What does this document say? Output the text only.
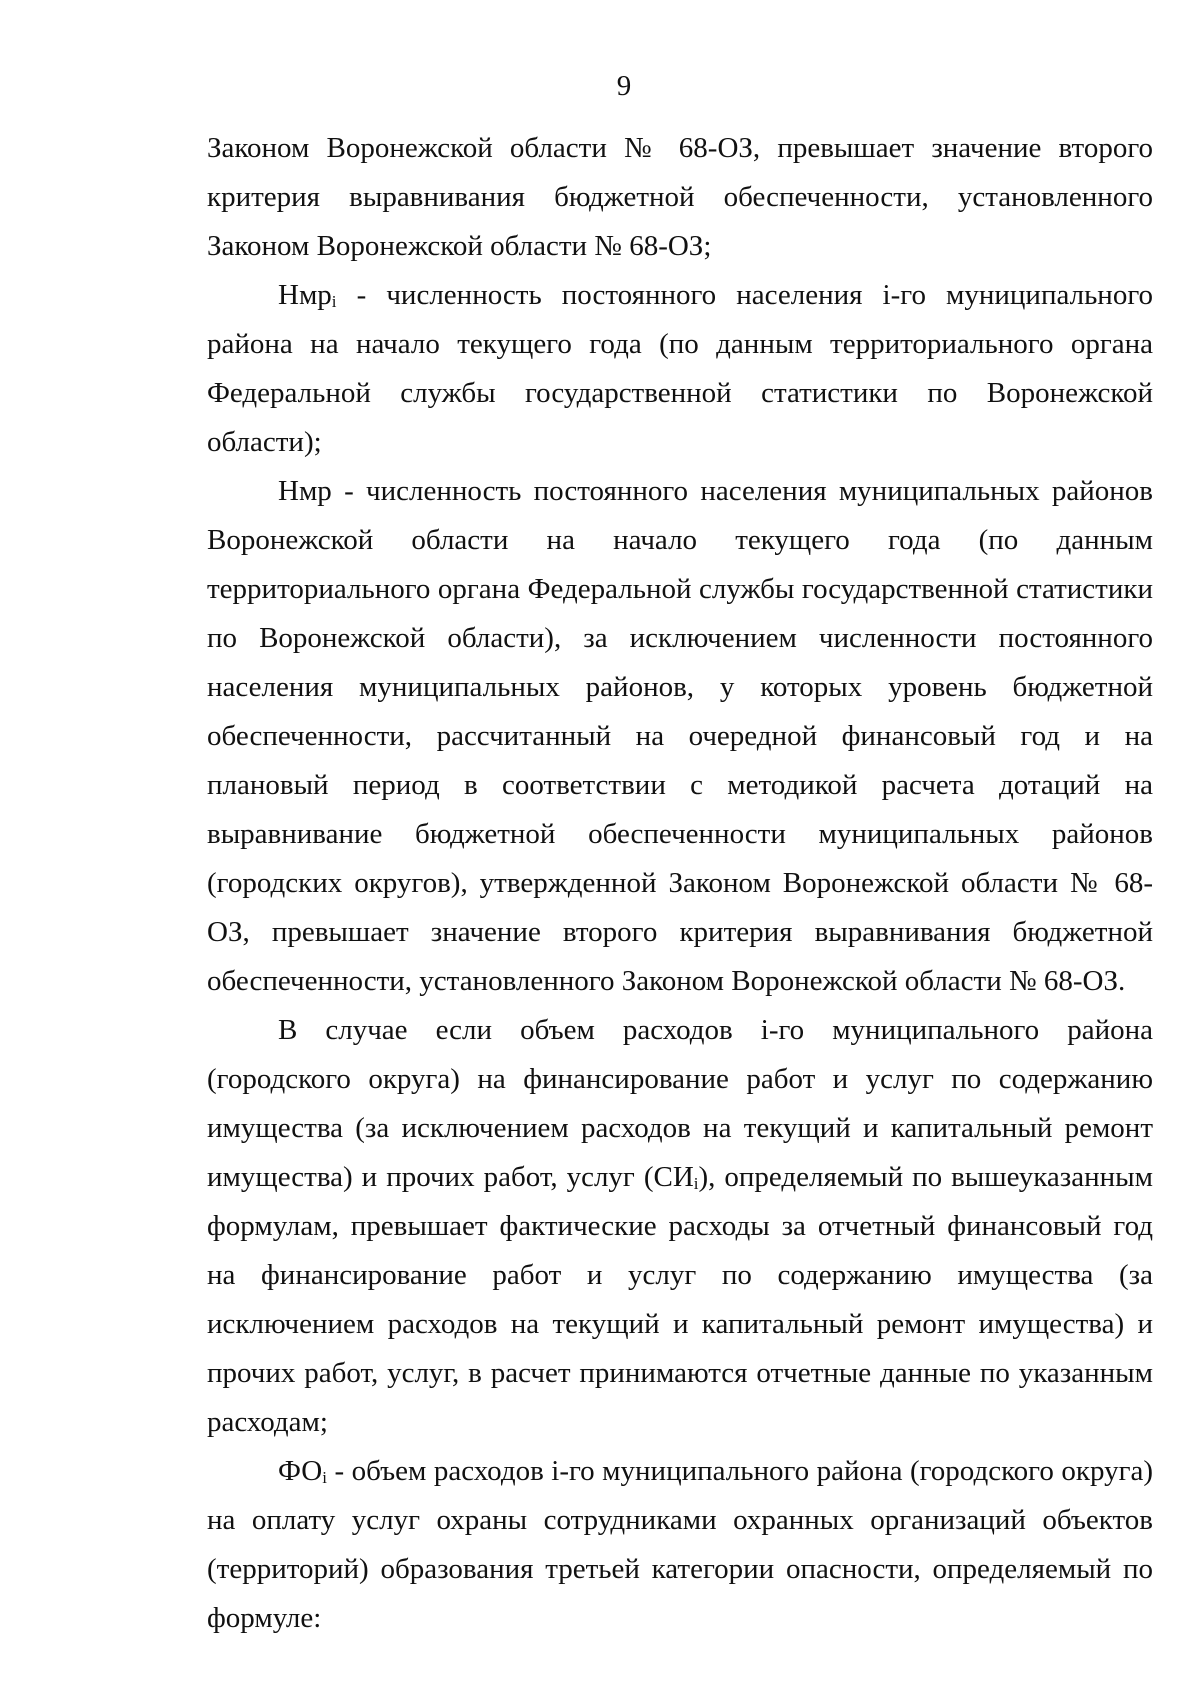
9

Законом Воронежской области № 68-ОЗ, превышает значение второго критерия выравнивания бюджетной обеспеченности, установленного Законом Воронежской области № 68-ОЗ;

Нмр$_i$ - численность постоянного населения i-го муниципального района на начало текущего года (по данным территориального органа Федеральной службы государственной статистики по Воронежской области);

Нмр - численность постоянного населения муниципальных районов Воронежской области на начало текущего года (по данным территориального органа Федеральной службы государственной статистики по Воронежской области), за исключением численности постоянного населения муниципальных районов, у которых уровень бюджетной обеспеченности, рассчитанный на очередной финансовый год и на плановый период в соответствии с методикой расчета дотаций на выравнивание бюджетной обеспеченности муниципальных районов (городских округов), утвержденной Законом Воронежской области № 68-ОЗ, превышает значение второго критерия выравнивания бюджетной обеспеченности, установленного Законом Воронежской области № 68-ОЗ.

В случае если объем расходов i-го муниципального района (городского округа) на финансирование работ и услуг по содержанию имущества (за исключением расходов на текущий и капитальный ремонт имущества) и прочих работ, услуг $(СИ_i)$, определяемый по вышеуказанным формулам, превышает фактические расходы за отчетный финансовый год на финансирование работ и услуг по содержанию имущества (за исключением расходов на текущий и капитальный ремонт имущества) и прочих работ, услуг, в расчет принимаются отчетные данные по указанным расходам;

$ФО_i$ - объем расходов i-го муниципального района (городского округа) на оплату услуг охраны сотрудниками охранных организаций объектов (территорий) образования третьей категории опасности, определяемый по формуле:
